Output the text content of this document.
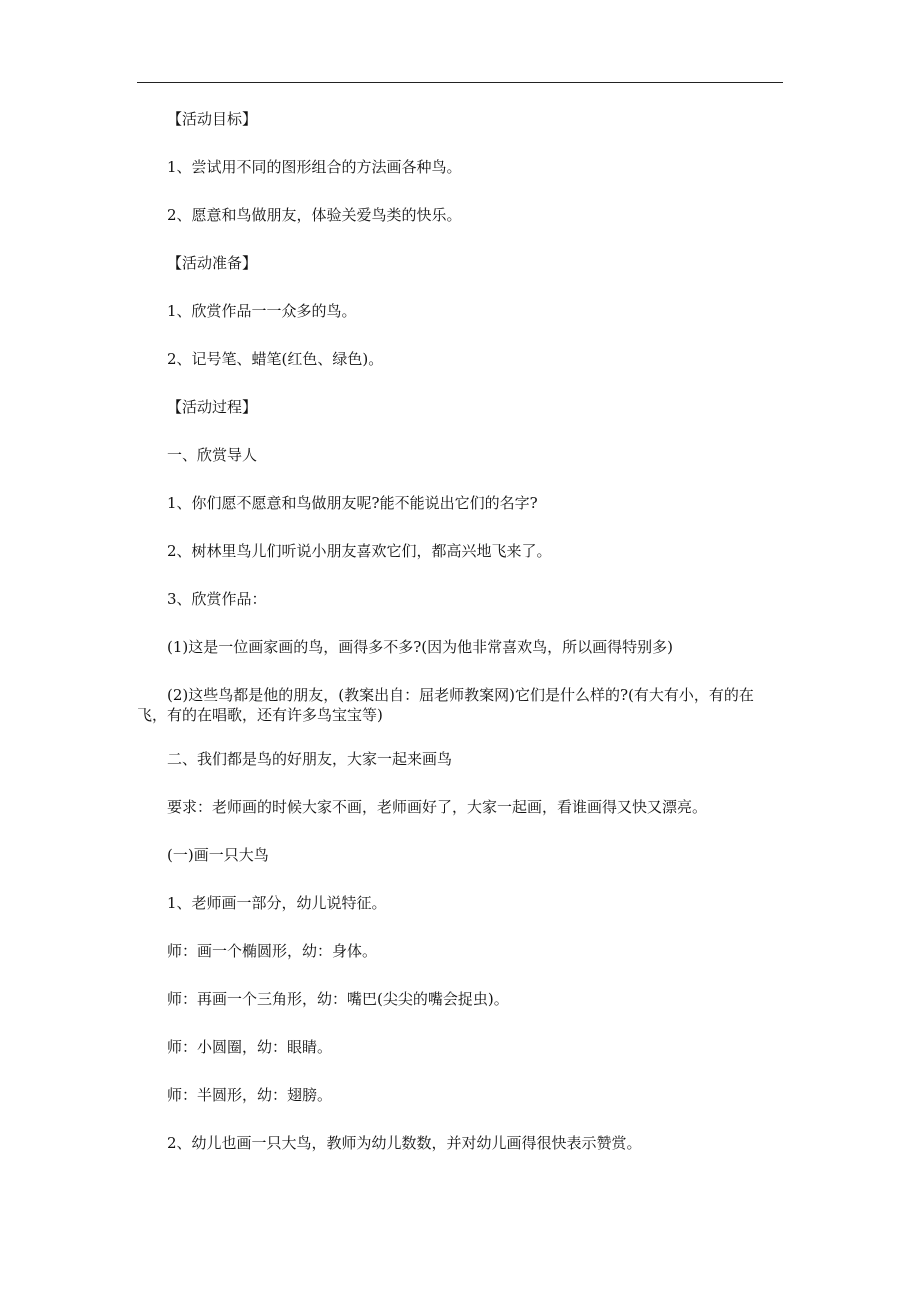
【活动目标】

1、尝试用不同的图形组合的方法画各种鸟。

2、愿意和鸟做朋友，体验关爱鸟类的快乐。

【活动准备】

1、欣赏作品一一众多的鸟。

2、记号笔、蜡笔(红色、绿色)。

【活动过程】

一、欣赏导人

1、你们愿不愿意和鸟做朋友呢?能不能说出它们的名字?

2、树林里鸟儿们听说小朋友喜欢它们，都高兴地飞来了。

3、欣赏作品：

(1)这是一位画家画的鸟，画得多不多?(因为他非常喜欢鸟，所以画得特别多)

(2)这些鸟都是他的朋友，(教案出自：屈老师教案网)它们是什么样的?(有大有小，有的在飞，有的在唱歌，还有许多鸟宝宝等)

二、我们都是鸟的好朋友，大家一起来画鸟

要求：老师画的时候大家不画，老师画好了，大家一起画，看谁画得又快又漂亮。

(一)画一只大鸟

1、老师画一部分，幼儿说特征。

师：画一个椭圆形，幼：身体。

师：再画一个三角形，幼：嘴巴(尖尖的嘴会捉虫)。

师：小圆圈，幼：眼睛。

师：半圆形，幼：翅膀。

2、幼儿也画一只大鸟，教师为幼儿数数，并对幼儿画得很快表示赞赏。
